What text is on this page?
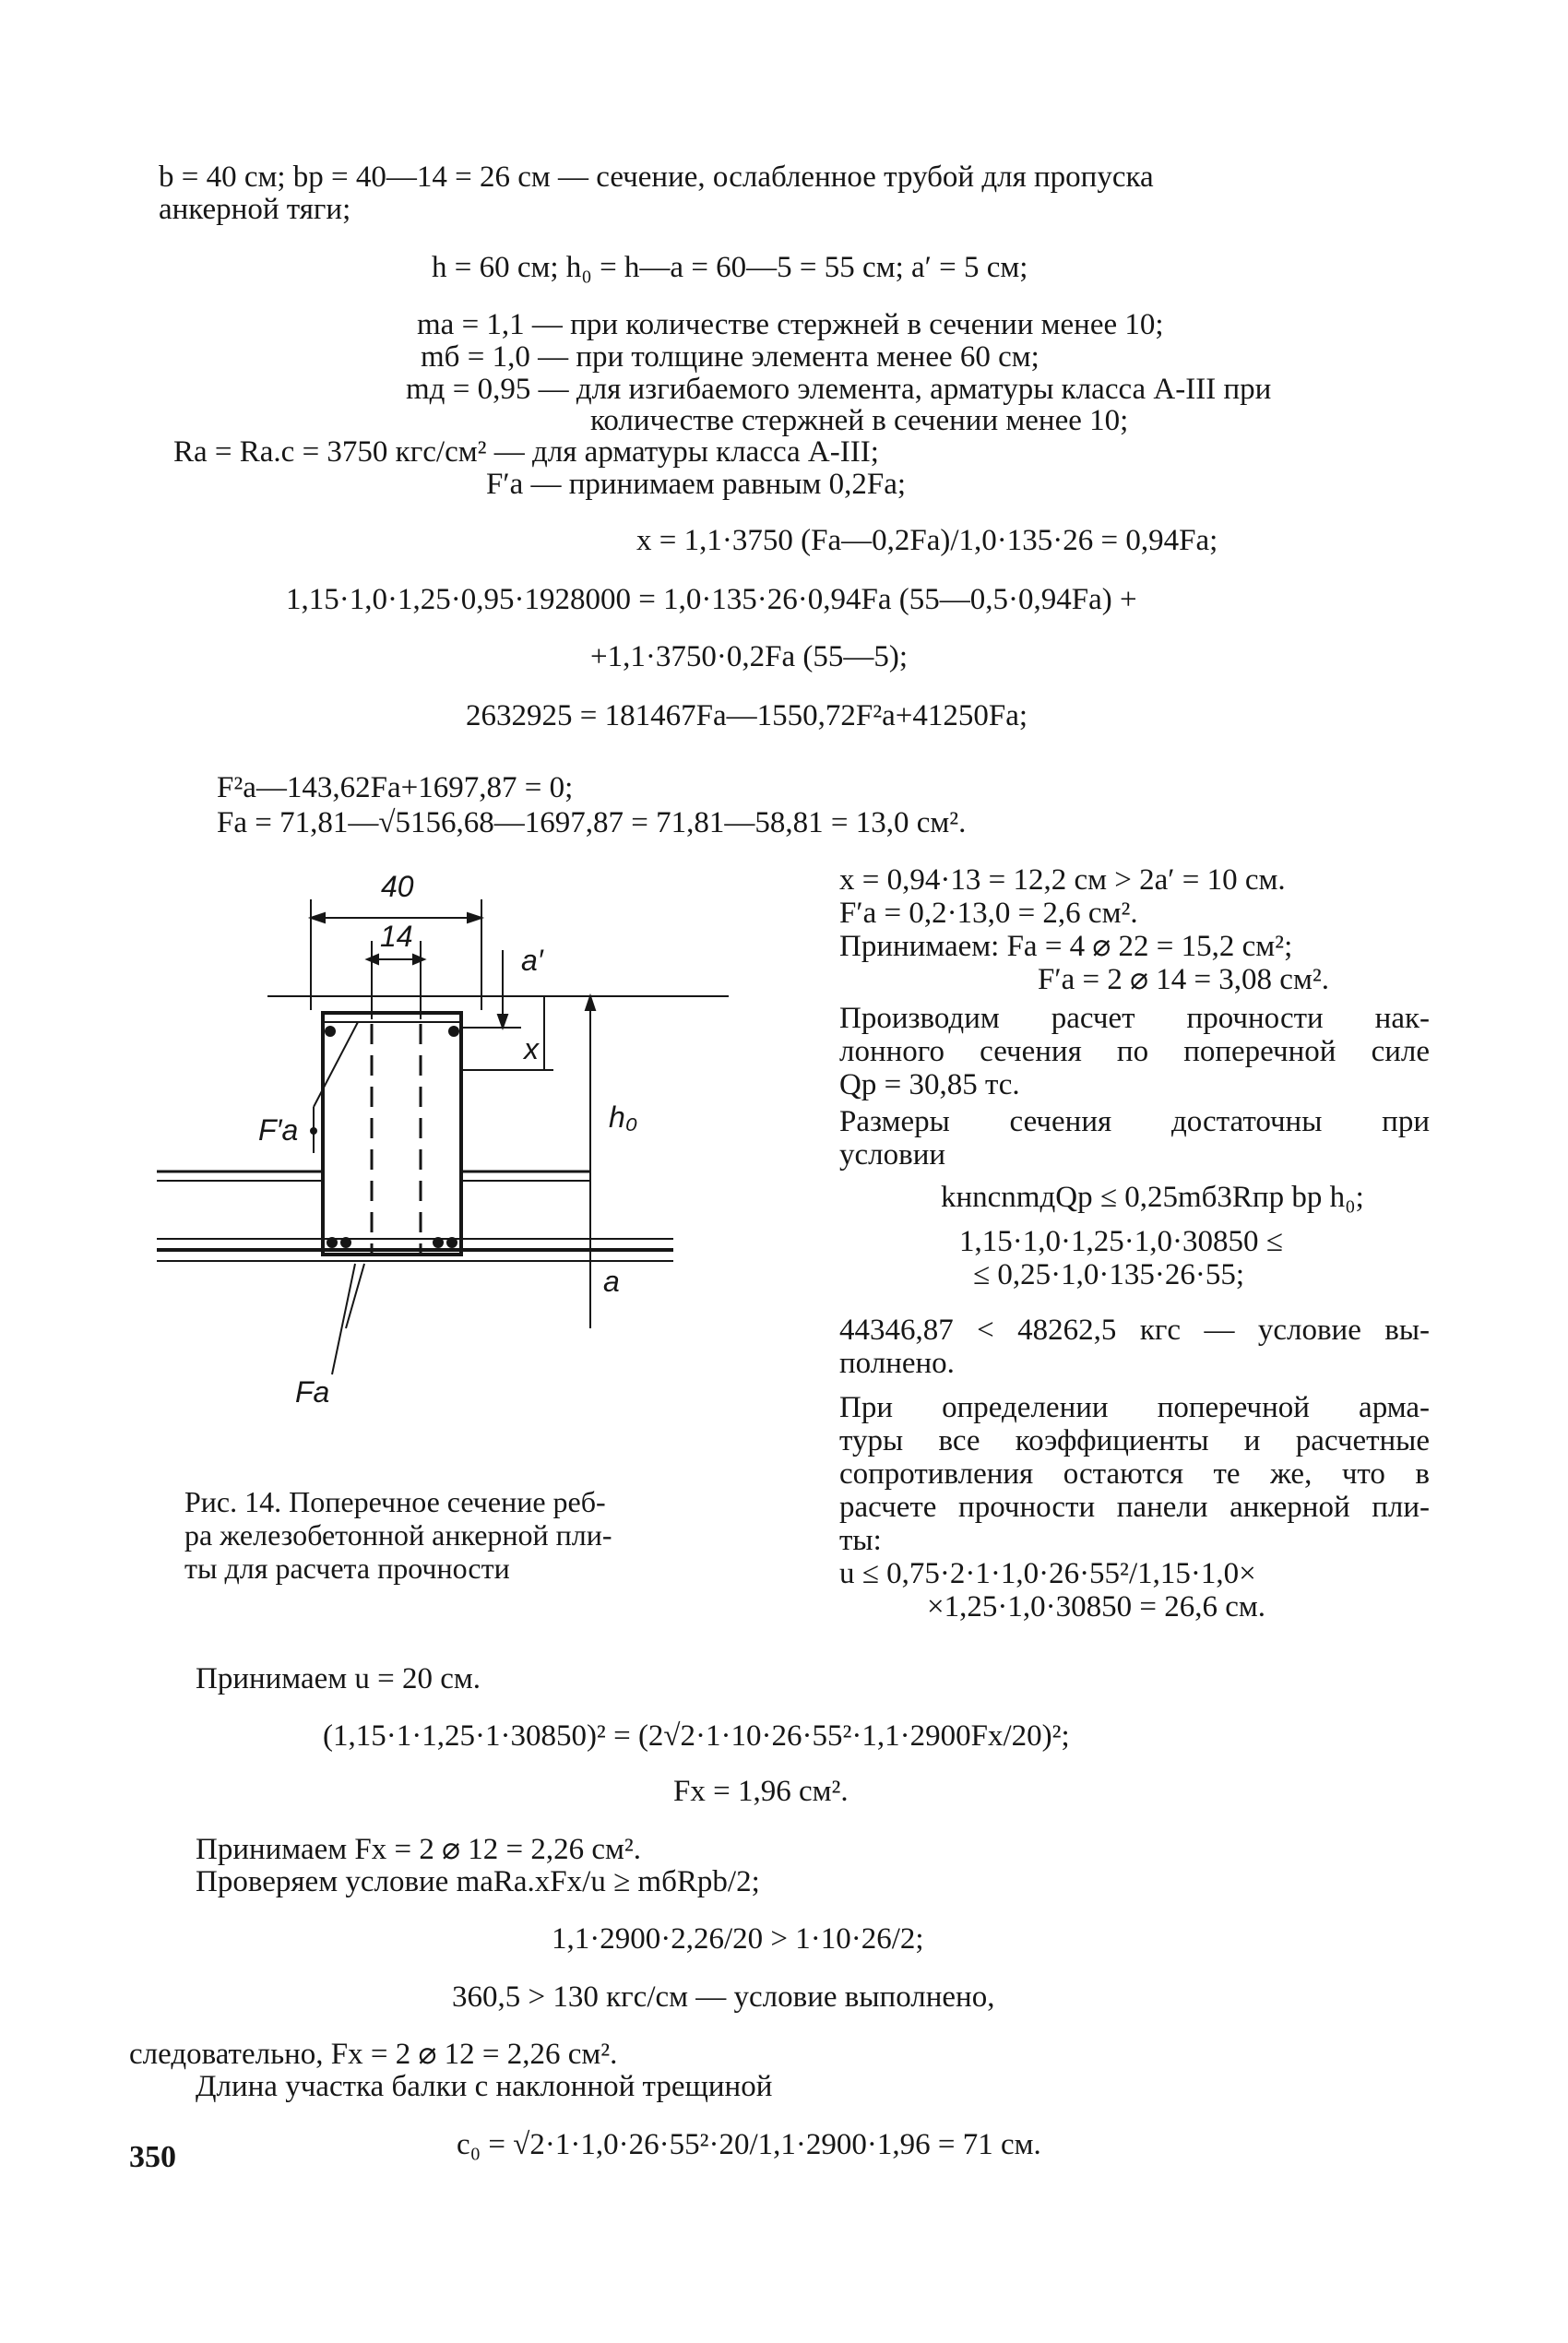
b = 40 см; bр = 40—14 = 26 см — сечение, ослабленное трубой для пропуска
анкерной тяги;
h = 60 см; h₀ = h—a = 60—5 = 55 см; a′ = 5 см;
mа = 1,1 — при количестве стержней в сечении менее 10;
mб = 1,0 — при толщине элемента менее 60 см;
mд = 0,95 — для изгибаемого элемента, арматуры класса А-III при
количестве стержней в сечении менее 10;
Rа = Rа.с = 3750 кгс/см² — для арматуры класса А-III;
F′а — принимаем равным 0,2Fа;
x = 1,1·3750 (Fа—0,2Fа)/1,0·135·26 = 0,94Fа;
1,15·1,0·1,25·0,95·1928000 = 1,0·135·26·0,94Fа (55—0,5·0,94Fа) +
+1,1·3750·0,2Fа (55—5);
2632925 = 181467Fа—1550,72F²а+41250Fа;
F²а—143,62Fа+1697,87 = 0;
Fа = 71,81—√5156,68—1697,87 = 71,81—58,81 = 13,0 см².
40
14
a′
x
h₀
a
F′a
Fa
Рис. 14. Поперечное сечение реб-
ра железобетонной анкерной пли-
ты для расчета прочности
x = 0,94·13 = 12,2 см > 2a′ = 10 см.
F′а = 0,2·13,0 = 2,6 см².
Принимаем: Fа = 4 ⌀ 22 = 15,2 см²;
F′а = 2 ⌀ 14 = 3,08 см².
Производим расчет прочности нак-
лонного сечения по поперечной силе
Qр = 30,85 тс.
Размеры сечения достаточны при
условии
kнnсnmдQр ≤ 0,25mб3Rпр bр h₀;
1,15·1,0·1,25·1,0·30850 ≤
≤ 0,25·1,0·135·26·55;
44346,87 < 48262,5 кгс — условие вы-
полнено.
При определении поперечной арма-
туры все коэффициенты и расчетные
сопротивления остаются те же, что в
расчете прочности панели анкерной пли-
ты:
u ≤ 0,75·2·1·1,0·26·55²/1,15·1,0×
×1,25·1,0·30850 = 26,6 см.
Принимаем u = 20 см.
(1,15·1·1,25·1·30850)² = (2√2·1·10·26·55²·1,1·2900Fх/20)²;
Fх = 1,96 см².
Принимаем Fх = 2 ⌀ 12 = 2,26 см².
Проверяем условие mаRа.хFх/u ≥ mбRрb/2;
1,1·2900·2,26/20 > 1·10·26/2;
360,5 > 130 кгс/см — условие выполнено,
следовательно, Fх = 2 ⌀ 12 = 2,26 см².
Длина участка балки с наклонной трещиной
c₀ = √2·1·1,0·26·55²·20/1,1·2900·1,96 = 71 см.
350
